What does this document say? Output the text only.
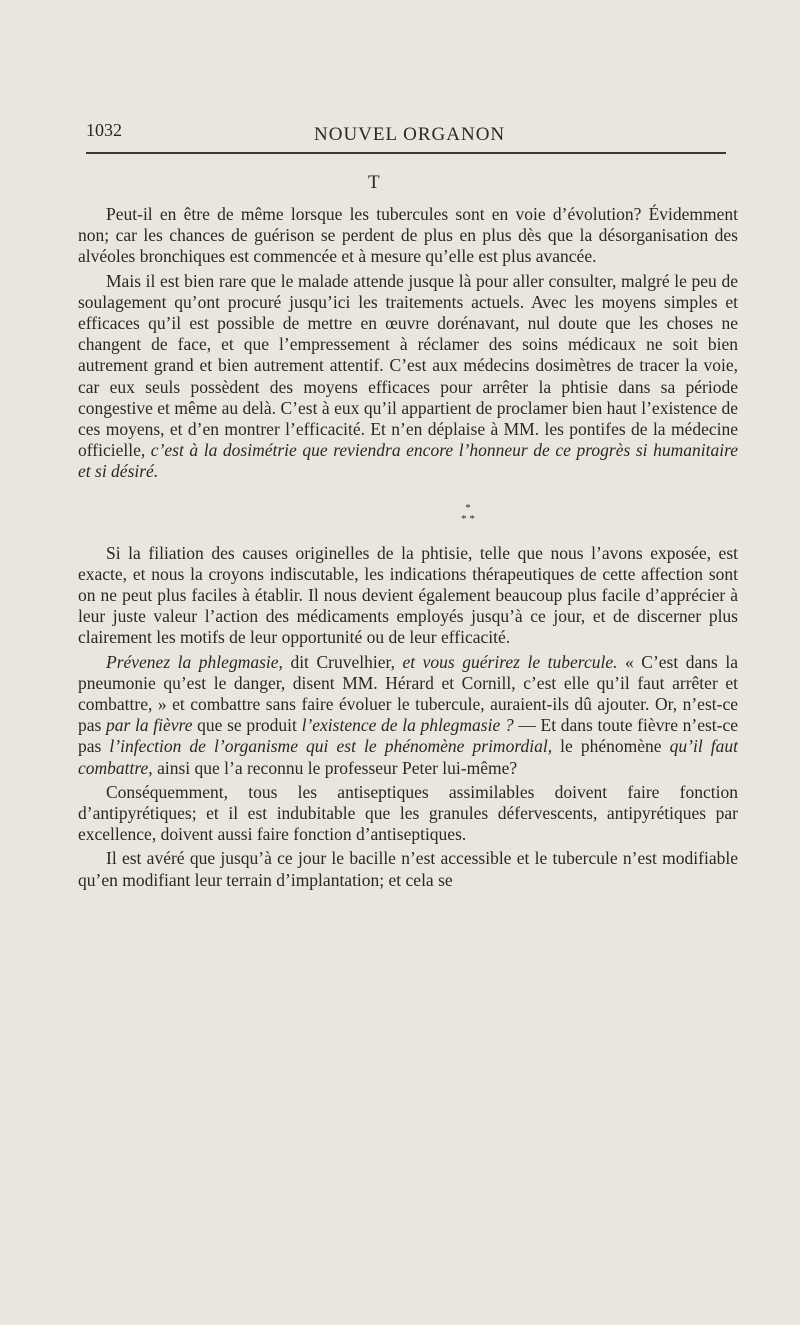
1032	NOUVEL ORGANON
T

Peut-il en être de même lorsque les tubercules sont en voie d’évolution? Évidemment non; car les chances de guérison se perdent de plus en plus dès que la désorganisation des alvéoles bronchiques est commencée et à mesure qu’elle est plus avancée.

Mais il est bien rare que le malade attende jusque là pour aller consulter, malgré le peu de soulagement qu’ont procuré jusqu’ici les traitements actuels. Avec les moyens simples et efficaces qu’il est possible de mettre en œuvre dorénavant, nul doute que les choses ne changent de face, et que l’empressement à réclamer des soins médicaux ne soit bien autrement grand et bien autrement attentif. C’est aux médecins dosimètres de tracer la voie, car eux seuls possèdent des moyens efficaces pour arrêter la phtisie dans sa période congestive et même au delà. C’est à eux qu’il appartient de proclamer bien haut l’existence de ces moyens, et d’en montrer l’efficacité. Et n’en déplaise à MM. les pontifes de la médecine officielle, c’est à la dosimétrie que reviendra encore l’honneur de ce progrès si humanitaire et si désiré.

*
* *

Si la filiation des causes originelles de la phtisie, telle que nous l’avons exposée, est exacte, et nous la croyons indiscutable, les indications thérapeutiques de cette affection sont on ne peut plus faciles à établir. Il nous devient également beaucoup plus facile d’apprécier à leur juste valeur l’action des médicaments employés jusqu’à ce jour, et de discerner plus clairement les motifs de leur opportunité ou de leur efficacité.

Prévenez la phlegmasie, dit Cruvelhier, et vous guérirez le tubercule. « C’est dans la pneumonie qu’est le danger, disent MM. Hérard et Cornill, c’est elle qu’il faut arrêter et combattre, » et combattre sans faire évoluer le tubercule, auraient-ils dû ajouter. Or, n’est-ce pas par la fièvre que se produit l’existence de la phlegmasie ? — Et dans toute fièvre n’est-ce pas l’infection de l’organisme qui est le phénomène primordial, le phénomène qu’il faut combattre, ainsi que l’a reconnu le professeur Peter lui-même?

Conséquemment, tous les antiseptiques assimilables doivent faire fonction d’antipyrétiques; et il est indubitable que les granules défervescents, antipyrétiques par excellence, doivent aussi faire fonction d’antiseptiques.

Il est avéré que jusqu’à ce jour le bacille n’est accessible et le tubercule n’est modifiable qu’en modifiant leur terrain d’implantation; et cela se
